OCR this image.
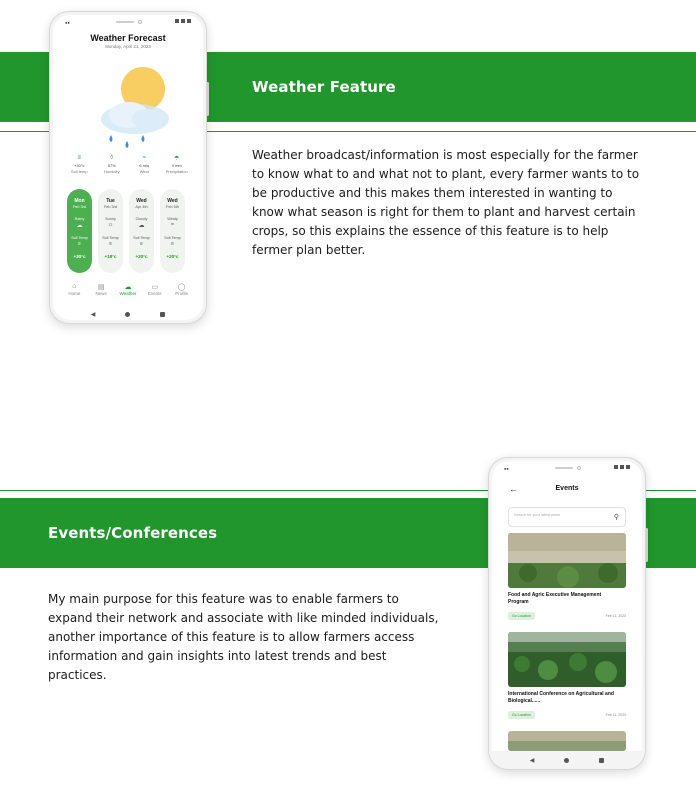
Weather Feature
Weather broadcast/information is most especially for the farmer
to know what to and what not to plant, every farmer wants to to
be productive and this makes them interested in wanting to
know what season is right for them to plant and harvest certain
crops, so this explains the essence of this feature is to help
fermer plan better.
●●
Weather Forecast
Monday, April 21, 2023
≡
+30°c
Soil temp
◊
57%
Humidity
≈
6 m/s
Wind
☂
0 mm
Precipitation
Mon
Feb 3rd
Rainy
☁
Soil Temp
≡
+30°c
Tue
Feb 3rd
Sunny
☼
Soil Temp
≡
+18°c
Wed
Apr 4th
Cloudy
☁
Soil Temp
≡
+20°c
Wed
Feb 5th
Windy
≈
Soil Temp
≡
+20°c
⌂
Home
▤
News
☁
Weather
▭
Events
◯
Profile
◀
Events/Conferences
My main purpose for this feature was to enable farmers to
expand their network and associate with like minded individuals,
another importance of this feature is to allow farmers access
information and gain insights into latest trends and best
practices.
●●
←	Events
Search for your latest news	⚲
Food and Agric Executive Management Program
Go Location	Feb 11, 2023
International Conference on Agricultural and Biological......
Go Location	Feb 11, 2023
◀
